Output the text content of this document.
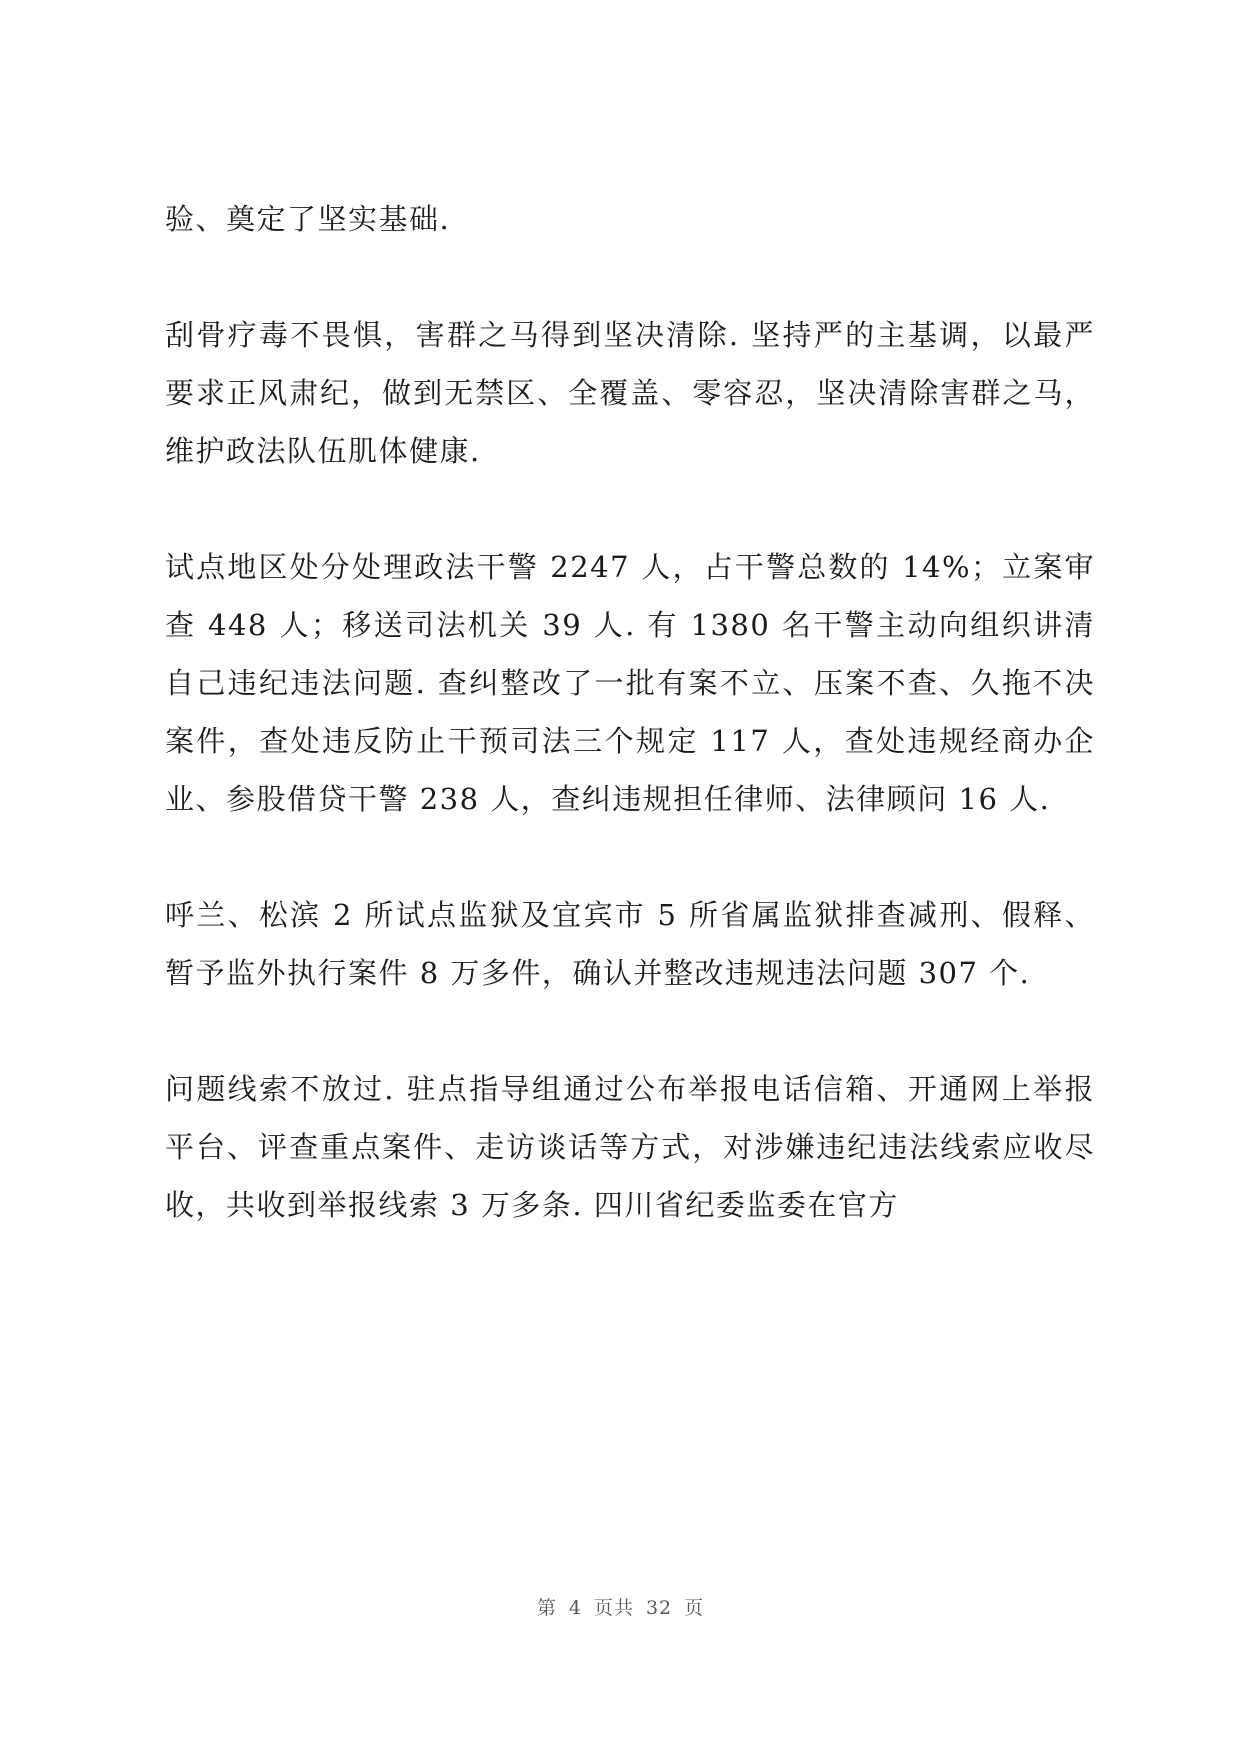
验、奠定了坚实基础.

刮骨疗毒不畏惧，害群之马得到坚决清除. 坚持严的主基调，以最严要求正风肃纪，做到无禁区、全覆盖、零容忍，坚决清除害群之马，维护政法队伍肌体健康.

试点地区处分处理政法干警 2247 人，占干警总数的 14%；立案审查 448 人；移送司法机关 39 人. 有 1380 名干警主动向组织讲清自己违纪违法问题. 查纠整改了一批有案不立、压案不查、久拖不决案件，查处违反防止干预司法三个规定 117 人，查处违规经商办企业、参股借贷干警 238 人，查纠违规担任律师、法律顾问 16 人.

呼兰、松滨 2 所试点监狱及宜宾市 5 所省属监狱排查减刑、假释、暂予监外执行案件 8 万多件，确认并整改违规违法问题 307 个.

问题线索不放过. 驻点指导组通过公布举报电话信箱、开通网上举报平台、评查重点案件、走访谈话等方式，对涉嫌违纪违法线索应收尽收，共收到举报线索 3 万多条. 四川省纪委监委在官方

第 4 页共 32 页
